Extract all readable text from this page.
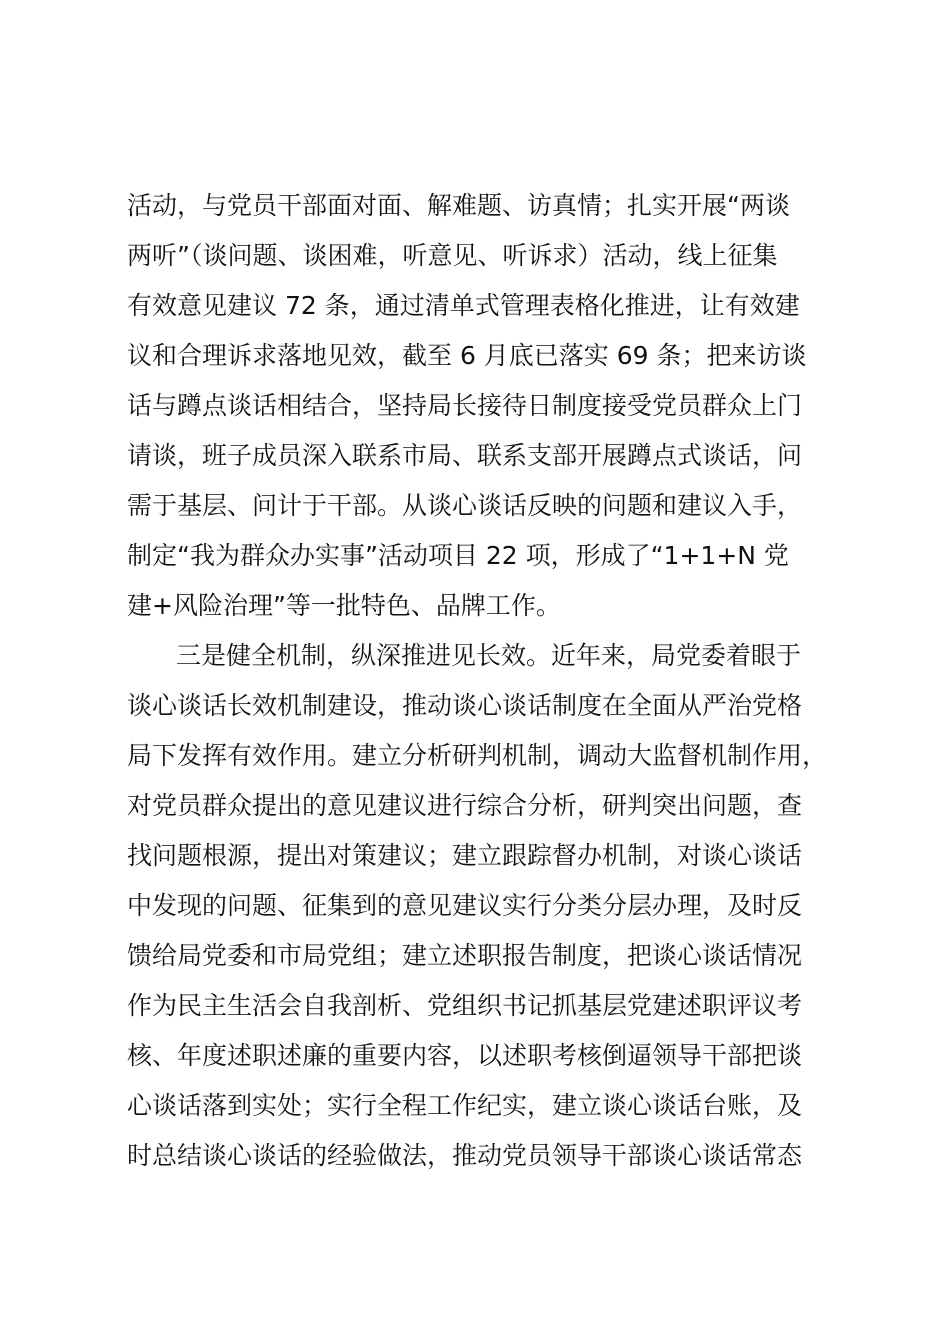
活动，与党员干部面对面、解难题、访真情；扎实开展“两谈
两听”（谈问题、谈困难，听意见、听诉求）活动，线上征集
有效意见建议 72 条，通过清单式管理表格化推进，让有效建
议和合理诉求落地见效，截至 6 月底已落实 69 条；把来访谈
话与蹲点谈话相结合，坚持局长接待日制度接受党员群众上门
请谈，班子成员深入联系市局、联系支部开展蹲点式谈话，问
需于基层、问计于干部。从谈心谈话反映的问题和建议入手，
制定“我为群众办实事”活动项目 22 项，形成了“1+1+N 党
建+风险治理”等一批特色、品牌工作。
三是健全机制，纵深推进见长效。近年来，局党委着眼于
谈心谈话长效机制建设，推动谈心谈话制度在全面从严治党格
局下发挥有效作用。建立分析研判机制，调动大监督机制作用，
对党员群众提出的意见建议进行综合分析，研判突出问题，查
找问题根源，提出对策建议；建立跟踪督办机制，对谈心谈话
中发现的问题、征集到的意见建议实行分类分层办理，及时反
馈给局党委和市局党组；建立述职报告制度，把谈心谈话情况
作为民主生活会自我剖析、党组织书记抓基层党建述职评议考
核、年度述职述廉的重要内容，以述职考核倒逼领导干部把谈
心谈话落到实处；实行全程工作纪实，建立谈心谈话台账，及
时总结谈心谈话的经验做法，推动党员领导干部谈心谈话常态
